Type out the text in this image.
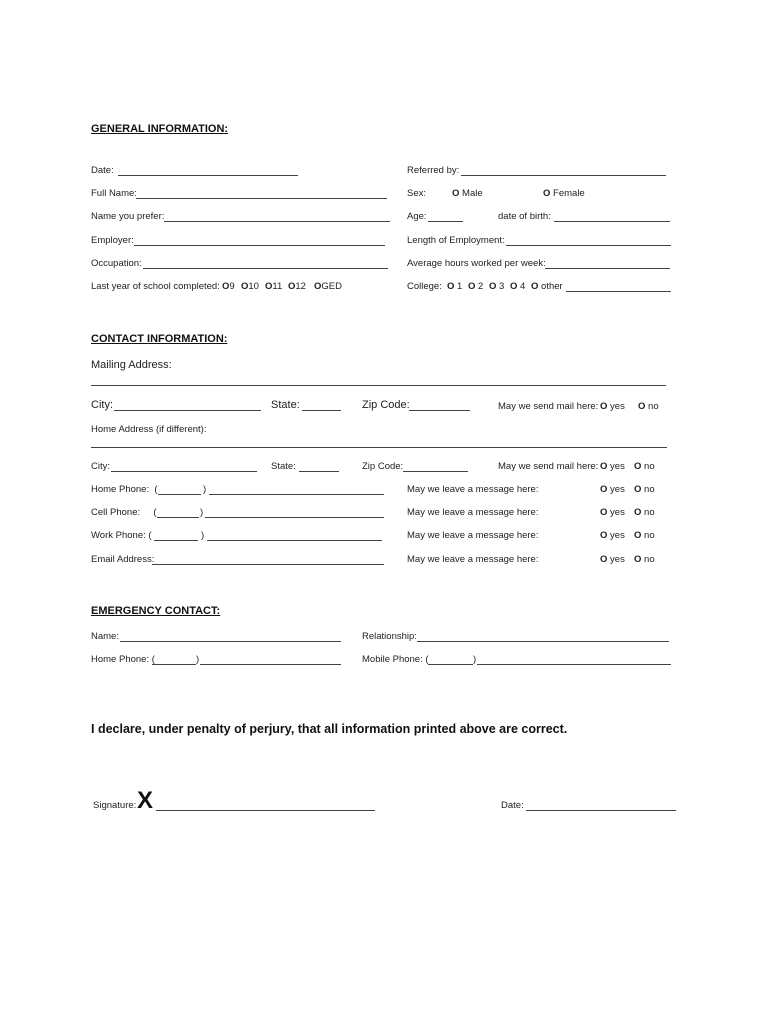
GENERAL INFORMATION:
Date:	Referred by:
Full Name:	Sex:	O Male	O Female
Name you prefer:	Age:	date of birth:
Employer:	Length of Employment:
Occupation:	Average hours worked per week:
Last year of school completed: O9 O10 O11 O12 OGED	College: O 1 O 2 O 3 O 4 O other
CONTACT INFORMATION:
Mailing Address:
City:	State:	Zip Code:	May we send mail here: O yes O no
Home Address (if different):
City:	State:	Zip Code:	May we send mail here: O yes O no
Home Phone: (	)	May we leave a message here:	O yes O no
Cell Phone: (	)	May we leave a message here:	O yes O no
Work Phone: (	)	May we leave a message here:	O yes O no
Email Address:	May we leave a message here:	O yes O no
EMERGENCY CONTACT:
Name:	Relationship:
Home Phone: (	)	Mobile Phone: (	)
I declare, under penalty of perjury, that all information printed above are correct.
Signature: X	Date:
